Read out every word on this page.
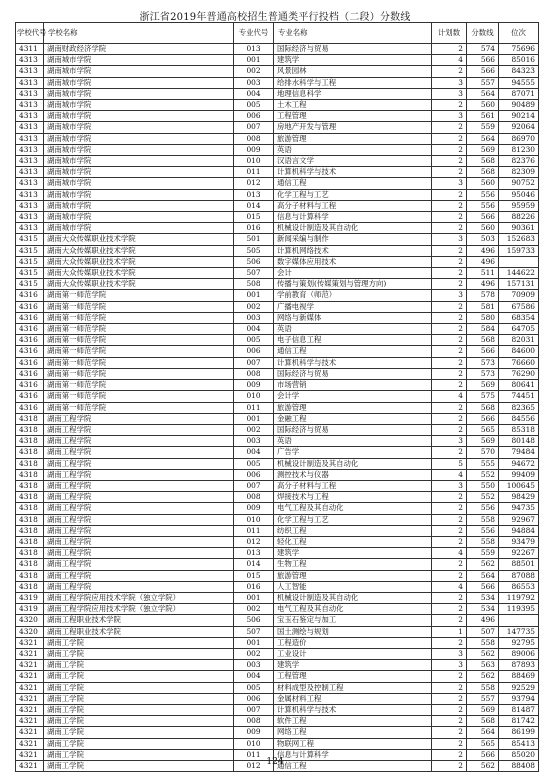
浙江省2019年普通高校招生普通类平行投档（二段）分数线
学校代号	学校名称	专业代号	专业名称	计划数	分数线	位次
4311	湖南财政经济学院	013	国际经济与贸易	2	574	75696
4313	湖南城市学院	001	建筑学	4	566	85016
4313	湖南城市学院	002	风景园林	2	566	84323
4313	湖南城市学院	003	给排水科学与工程	3	557	94555
4313	湖南城市学院	004	地理信息科学	3	564	87071
4313	湖南城市学院	005	土木工程	2	560	90489
4313	湖南城市学院	006	工程管理	3	561	90214
4313	湖南城市学院	007	房地产开发与管理	2	559	92064
4313	湖南城市学院	008	旅游管理	2	564	86970
4313	湖南城市学院	009	英语	2	569	81230
4313	湖南城市学院	010	汉语言文学	2	568	82376
4313	湖南城市学院	011	计算机科学与技术	2	568	82309
4313	湖南城市学院	012	通信工程	3	560	90752
4313	湖南城市学院	013	化学工程与工艺	2	556	95046
4313	湖南城市学院	014	高分子材料与工程	2	556	95959
4313	湖南城市学院	015	信息与计算科学	2	566	88226
4313	湖南城市学院	016	机械设计制造及其自动化	2	560	90361
4315	湖南大众传媒职业技术学院	501	新闻采编与制作	3	503	152683
4315	湖南大众传媒职业技术学院	505	计算机网络技术	2	496	159733
4315	湖南大众传媒职业技术学院	506	数字媒体应用技术	2	496	
4315	湖南大众传媒职业技术学院	507	会计	2	511	144622
4315	湖南大众传媒职业技术学院	508	传播与策划(传媒策划与管理方向)	2	496	157131
4316	湖南第一师范学院	001	学前教育（师范）	3	578	70909
4316	湖南第一师范学院	002	广播电视学	2	581	67586
4316	湖南第一师范学院	003	网络与新媒体	2	580	68354
4316	湖南第一师范学院	004	英语	2	584	64705
4316	湖南第一师范学院	005	电子信息工程	2	568	82031
4316	湖南第一师范学院	006	通信工程	2	566	84600
4316	湖南第一师范学院	007	计算机科学与技术	2	573	76660
4316	湖南第一师范学院	008	国际经济与贸易	2	573	76290
4316	湖南第一师范学院	009	市场营销	2	569	80641
4316	湖南第一师范学院	010	会计学	4	575	74451
4316	湖南第一师范学院	011	旅游管理	2	568	82365
4318	湖南工程学院	001	金融工程	2	566	84556
4318	湖南工程学院	002	国际经济与贸易	2	565	85318
4318	湖南工程学院	003	英语	3	569	80148
4318	湖南工程学院	004	广告学	2	570	79484
4318	湖南工程学院	005	机械设计制造及其自动化	5	555	94672
4318	湖南工程学院	006	测控技术与仪器	4	552	99409
4318	湖南工程学院	007	高分子材料与工程	3	550	100645
4318	湖南工程学院	008	焊接技术与工程	2	552	98429
4318	湖南工程学院	009	电气工程及其自动化	2	556	94735
4318	湖南工程学院	010	化学工程与工艺	2	558	92967
4318	湖南工程学院	011	纺织工程	2	556	94884
4318	湖南工程学院	012	轻化工程	2	558	93479
4318	湖南工程学院	013	建筑学	4	559	92267
4318	湖南工程学院	014	生物工程	2	562	88501
4318	湖南工程学院	015	旅游管理	2	564	87088
4318	湖南工程学院	016	人工智能	4	566	86553
4319	湖南工程学院应用技术学院（独立学院）	001	机械设计制造及其自动化	2	534	119792
4319	湖南工程学院应用技术学院（独立学院）	002	电气工程及其自动化	2	534	119395
4320	湖南工程职业技术学院	506	宝玉石鉴定与加工	2	496	
4320	湖南工程职业技术学院	507	国土测绘与规划	1	507	147735
4321	湖南工学院	001	工程造价	2	558	92795
4321	湖南工学院	002	工业设计	3	562	89006
4321	湖南工学院	003	建筑学	3	563	87893
4321	湖南工学院	004	工程管理	2	562	88469
4321	湖南工学院	005	材料成型及控制工程	2	558	92529
4321	湖南工学院	006	金属材料工程	2	557	93794
4321	湖南工学院	007	计算机科学与技术	2	569	81487
4321	湖南工学院	008	软件工程	2	568	81742
4321	湖南工学院	009	网络工程	2	564	86199
4321	湖南工学院	010	物联网工程	2	565	85413
4321	湖南工学院	011	信息与计算科学	2	566	85020
4321	湖南工学院	012	通信工程	2	562	88408
124
